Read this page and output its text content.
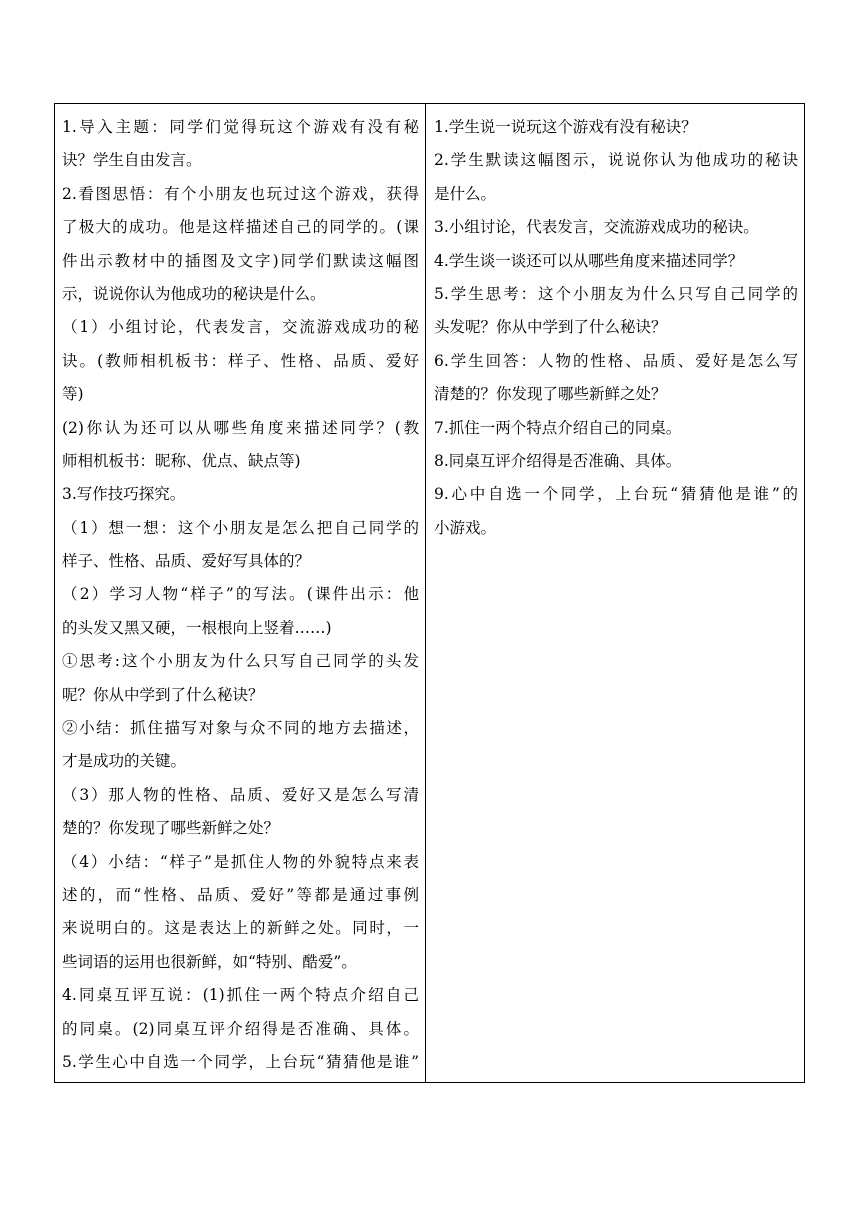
1.导入主题：同学们觉得玩这个游戏有没有秘
诀？学生自由发言。
2.看图思悟：有个小朋友也玩过这个游戏，获得
了极大的成功。他是这样描述自己的同学的。(课
件出示教材中的插图及文字)同学们默读这幅图
示，说说你认为他成功的秘诀是什么。
（1）小组讨论，代表发言，交流游戏成功的秘
诀。(教师相机板书：样子、性格、品质、爱好
等)
(2)你认为还可以从哪些角度来描述同学？(教
师相机板书：昵称、优点、缺点等)
3.写作技巧探究。
（1）想一想：这个小朋友是怎么把自己同学的
样子、性格、品质、爱好写具体的？
（2）学习人物“样子”的写法。(课件出示：他
的头发又黑又硬，一根根向上竖着……)
①思考:这个小朋友为什么只写自己同学的头发
呢？你从中学到了什么秘诀？
②小结：抓住描写对象与众不同的地方去描述，
才是成功的关键。
（3）那人物的性格、品质、爱好又是怎么写清
楚的？你发现了哪些新鲜之处？
（4）小结：“样子”是抓住人物的外貌特点来表
述的，而“性格、品质、爱好”等都是通过事例
来说明白的。这是表达上的新鲜之处。同时，一
些词语的运用也很新鲜，如“特别、酷爱”。
4.同桌互评互说：(1)抓住一两个特点介绍自己
的同桌。(2)同桌互评介绍得是否准确、具体。
5.学生心中自选一个同学，上台玩“猜猜他是谁”
1.学生说一说玩这个游戏有没有秘诀？
2.学生默读这幅图示，说说你认为他成功的秘诀
是什么。
3.小组讨论，代表发言，交流游戏成功的秘诀。
4.学生谈一谈还可以从哪些角度来描述同学？
5.学生思考：这个小朋友为什么只写自己同学的
头发呢？你从中学到了什么秘诀？
6.学生回答：人物的性格、品质、爱好是怎么写
清楚的？你发现了哪些新鲜之处？
7.抓住一两个特点介绍自己的同桌。
8.同桌互评介绍得是否准确、具体。
9.心中自选一个同学，上台玩“猜猜他是谁”的
小游戏。
